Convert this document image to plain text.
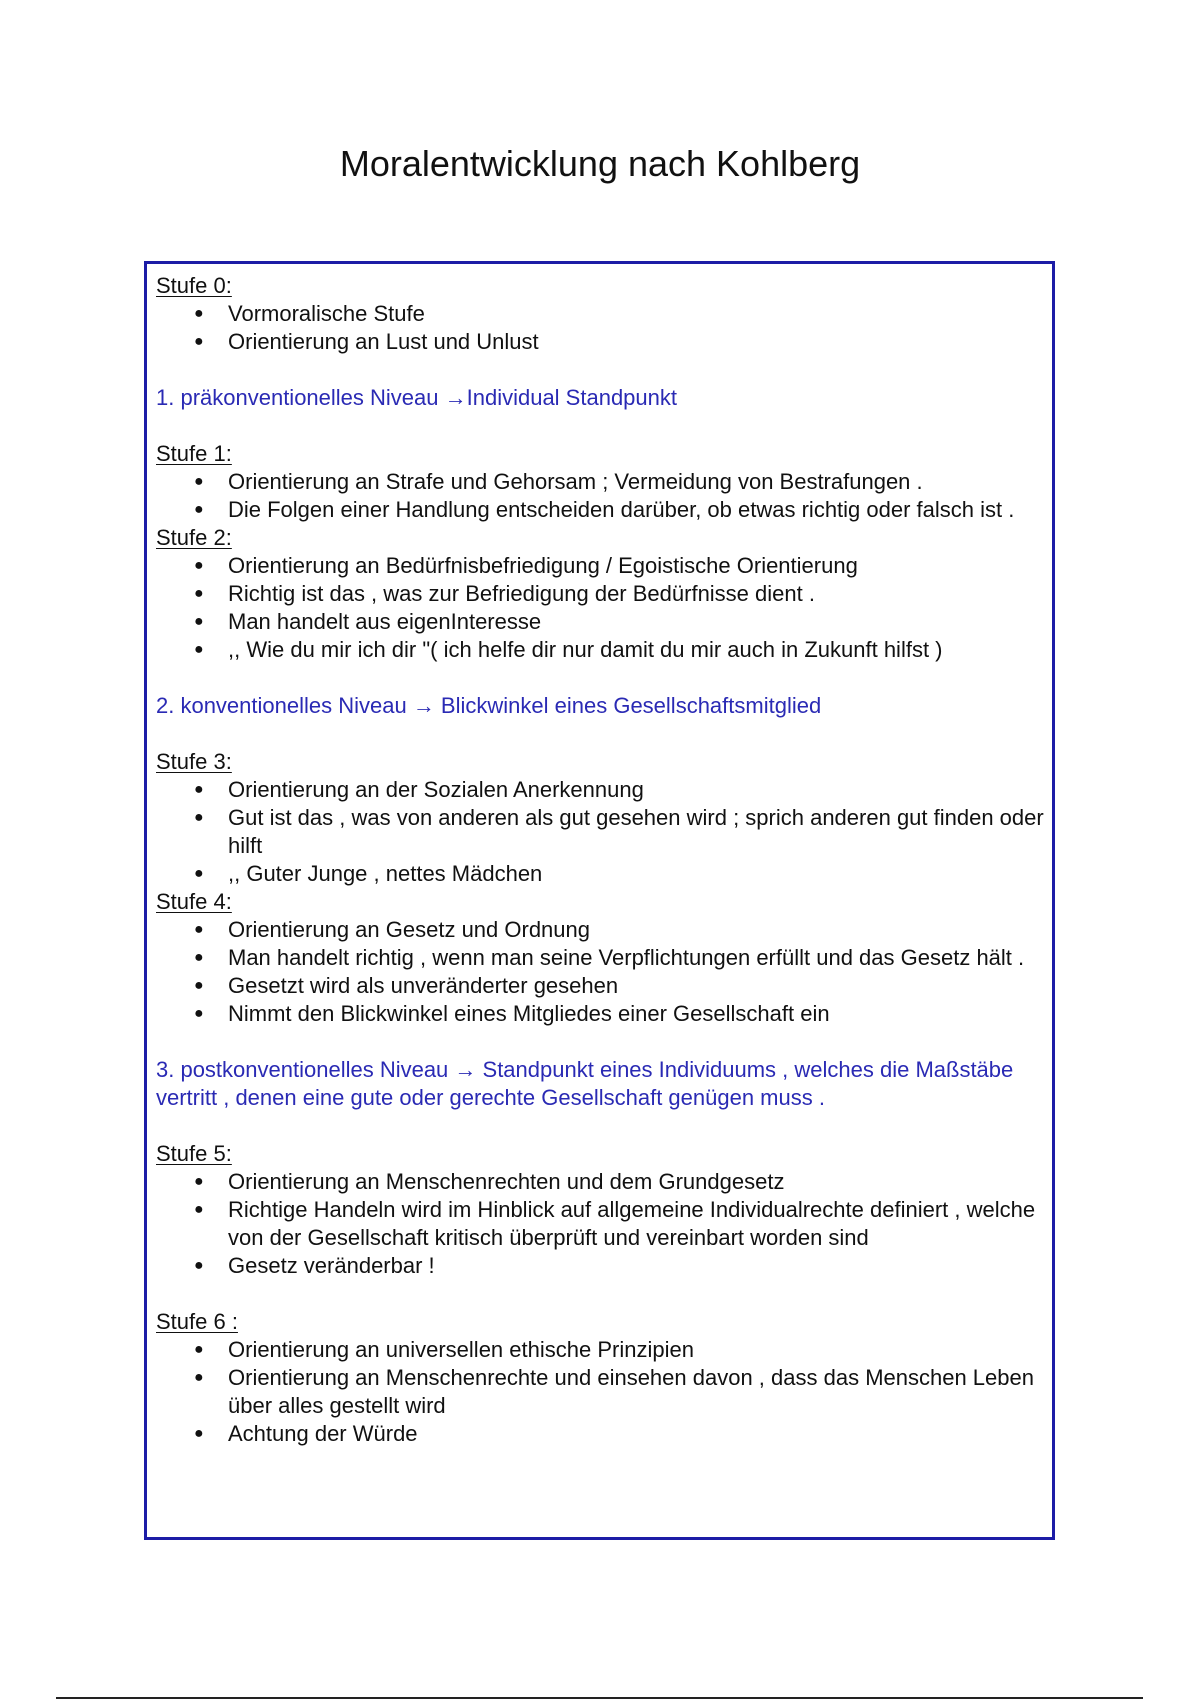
Moralentwicklung nach Kohlberg
Stufe 0:
● Vormoralische Stufe
● Orientierung an Lust und Unlust
1. präkonventionelles Niveau →Individual Standpunkt
Stufe 1:
● Orientierung an Strafe und Gehorsam ; Vermeidung von Bestrafungen .
● Die Folgen einer Handlung entscheiden darüber, ob etwas richtig oder falsch ist .
Stufe 2:
● Orientierung an Bedürfnisbefriedigung / Egoistische Orientierung
● Richtig ist das , was zur Befriedigung der Bedürfnisse dient .
● Man handelt aus eigenInteresse
● ,, Wie du mir ich dir "( ich helfe dir nur damit du mir auch in Zukunft hilfst )
2. konventionelles Niveau → Blickwinkel eines Gesellschaftsmitglied
Stufe 3:
● Orientierung an der Sozialen Anerkennung
● Gut ist das , was von anderen als gut gesehen wird ; sprich anderen gut finden oder hilft
● ,, Guter Junge , nettes Mädchen
Stufe 4:
● Orientierung an Gesetz und Ordnung
● Man handelt richtig , wenn man seine Verpflichtungen erfüllt und das Gesetz hält .
● Gesetzt wird als unveränderter gesehen
● Nimmt den Blickwinkel eines Mitgliedes einer Gesellschaft ein
3. postkonventionelles Niveau → Standpunkt eines Individuums , welches die Maßstäbe vertritt , denen eine gute oder gerechte Gesellschaft genügen muss .
Stufe 5:
● Orientierung an Menschenrechten und dem Grundgesetz
● Richtige Handeln wird im Hinblick auf allgemeine Individualrechte definiert , welche von der Gesellschaft kritisch überprüft und vereinbart worden sind
● Gesetz veränderbar !
Stufe 6 :
● Orientierung an universellen ethische Prinzipien
● Orientierung an Menschenrechte und einsehen davon , dass das Menschen Leben über alles gestellt wird
● Achtung der Würde
